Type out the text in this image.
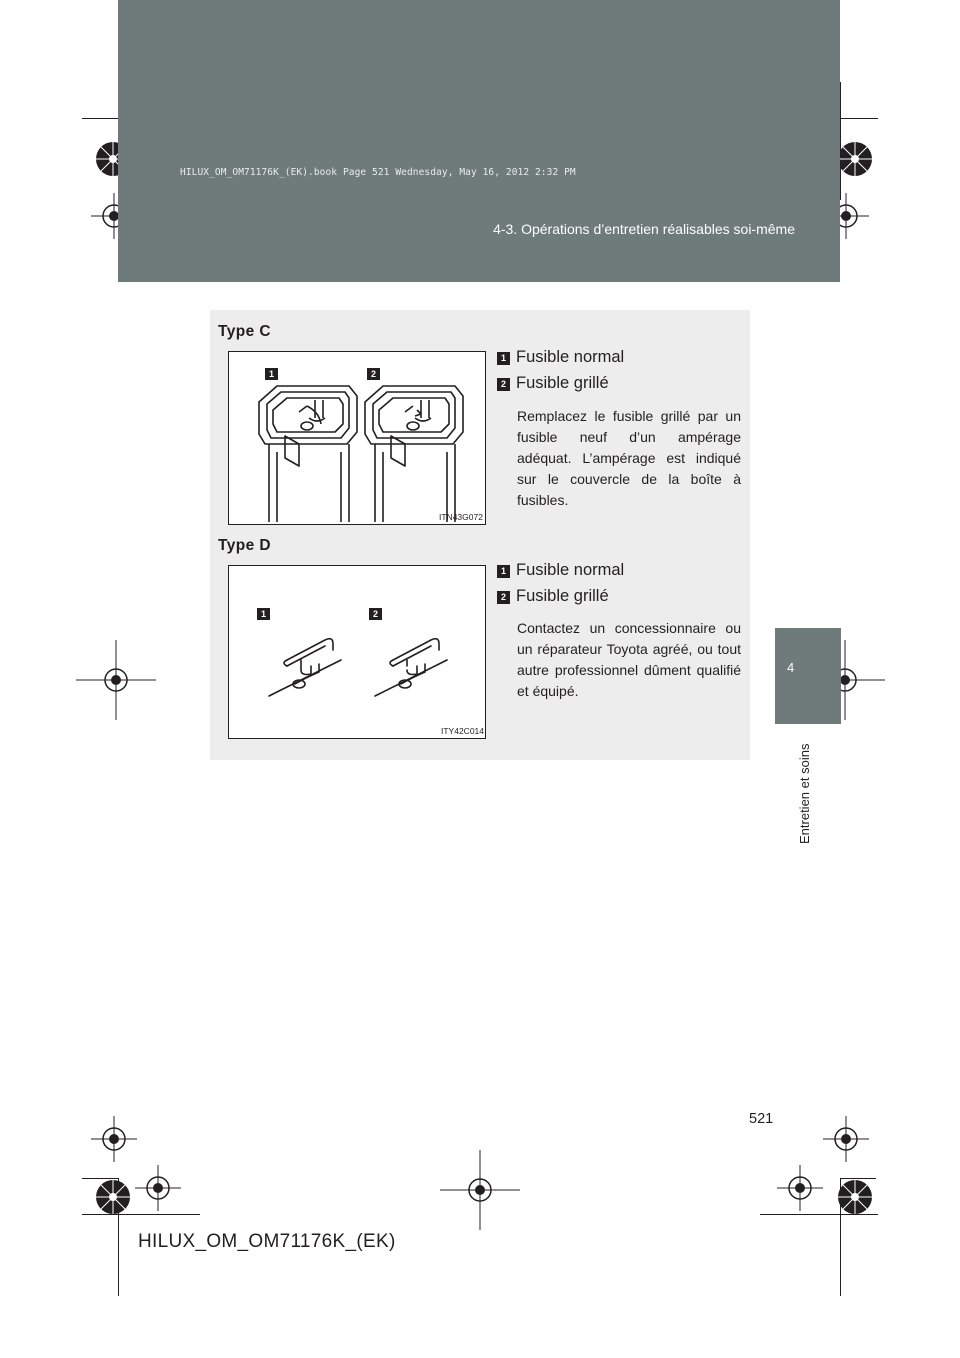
HILUX_OM_OM71176K_(EK).book Page 521 Wednesday, May 16, 2012 2:32 PM
4-3. Opérations d’entretien réalisables soi-même
4
Entretien et soins
Type C
1	2
ITN43G072
1 Fusible normal
2 Fusible grillé
Remplacez le fusible grillé par un fusible neuf d’un ampérage adéquat. L’ampérage est indiqué sur le couvercle de la boîte à fusibles.
Type D
1	2
ITY42C014
1 Fusible normal
2 Fusible grillé
Contactez un concessionnaire ou un réparateur Toyota agréé, ou tout autre professionnel dûment qualifié et équipé.
521
HILUX_OM_OM71176K_(EK)
